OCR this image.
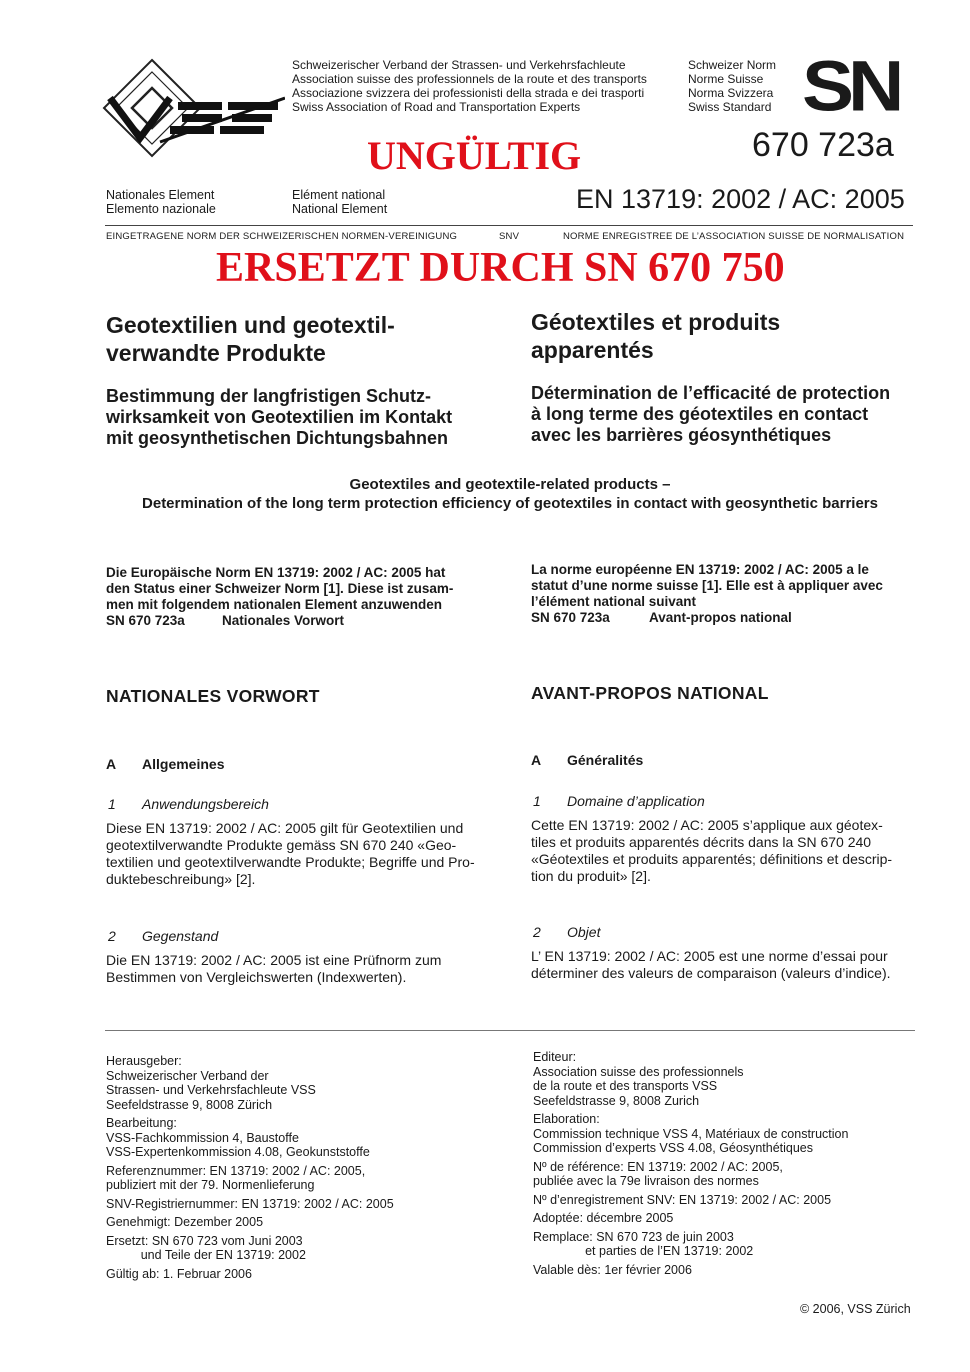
Schweizerischer Verband der Strassen- und Verkehrsfachleute
Association suisse des professionnels de la route et des transports
Associazione svizzera dei professionisti della strada e dei trasporti
Swiss Association of Road and Transportation Experts
Schweizer Norm
Norme Suisse
Norma Svizzera
Swiss Standard SN
670 723a
UNGÜLTIG
Nationales Element
Elemento nazionale
Elément national
National Element	EN 13719: 2002 / AC: 2005
EINGETRAGENE NORM DER SCHWEIZERISCHEN NORMEN-VEREINIGUNG	SNV	NORME ENREGISTREE DE L’ASSOCIATION SUISSE DE NORMALISATION
ERSETZT DURCH SN 670 750
Geotextilien und geotextil-
verwandte Produkte
Géotextiles et produits
apparentés
Bestimmung der langfristigen Schutz-
wirksamkeit von Geotextilien im Kontakt
mit geosynthetischen Dichtungsbahnen
Détermination de l’efficacité de protection
à long terme des géotextiles en contact
avec les barrières géosynthétiques
Geotextiles and geotextile-related products –
Determination of the long term protection efficiency of geotextiles in contact with geosynthetic barriers
Die Europäische Norm EN 13719: 2002 / AC: 2005 hat
den Status einer Schweizer Norm [1]. Diese ist zusam-
men mit folgendem nationalen Element anzuwenden
SN 670 723a	Nationales Vorwort
La norme européenne EN 13719: 2002 / AC: 2005 a le
statut d’une norme suisse [1]. Elle est à appliquer avec
l’élément national suivant
SN 670 723a	Avant-propos national
NATIONALES VORWORT
A Allgemeines
1 Anwendungsbereich
Diese EN 13719: 2002 / AC: 2005 gilt für Geotextilien und
geotextilverwandte Produkte gemäss SN 670 240 «Geo-
textilien und geotextilverwandte Produkte; Begriffe und Pro-
duktebeschreibung» [2].
2 Gegenstand
Die EN 13719: 2002 / AC: 2005 ist eine Prüfnorm zum
Bestimmen von Vergleichswerten (Indexwerten).
AVANT-PROPOS NATIONAL
A Généralités
1 Domaine d’application
Cette EN 13719: 2002 / AC: 2005 s’applique aux géotex-
tiles et produits apparentés décrits dans la SN 670 240
«Géotextiles et produits apparentés; définitions et descrip-
tion du produit» [2].
2 Objet
L’ EN 13719: 2002 / AC: 2005 est une norme d’essai pour
déterminer des valeurs de comparaison (valeurs d’indice).
Herausgeber:
Schweizerischer Verband der
Strassen- und Verkehrsfachleute VSS
Seefeldstrasse 9, 8008 Zürich
Bearbeitung:
VSS-Fachkommission 4, Baustoffe
VSS-Expertenkommission 4.08, Geokunststoffe
Referenznummer: EN 13719: 2002 / AC: 2005,
publiziert mit der 79. Normenlieferung
SNV-Registriernummer: EN 13719: 2002 / AC: 2005
Genehmigt: Dezember 2005
Ersetzt: SN 670 723 vom Juni 2003
und Teile der EN 13719: 2002
Gültig ab: 1. Februar 2006
Editeur:
Association suisse des professionnels
de la route et des transports VSS
Seefeldstrasse 9, 8008 Zurich
Elaboration:
Commission technique VSS 4, Matériaux de construction
Commission d’experts VSS 4.08, Géosynthétiques
Nº de référence: EN 13719: 2002 / AC: 2005,
publiée avec la 79e livraison des normes
Nº d’enregistrement SNV: EN 13719: 2002 / AC: 2005
Adoptée: décembre 2005
Remplace: SN 670 723 de juin 2003
et parties de l’EN 13719: 2002
Valable dès: 1er février 2006
© 2006, VSS Zürich
